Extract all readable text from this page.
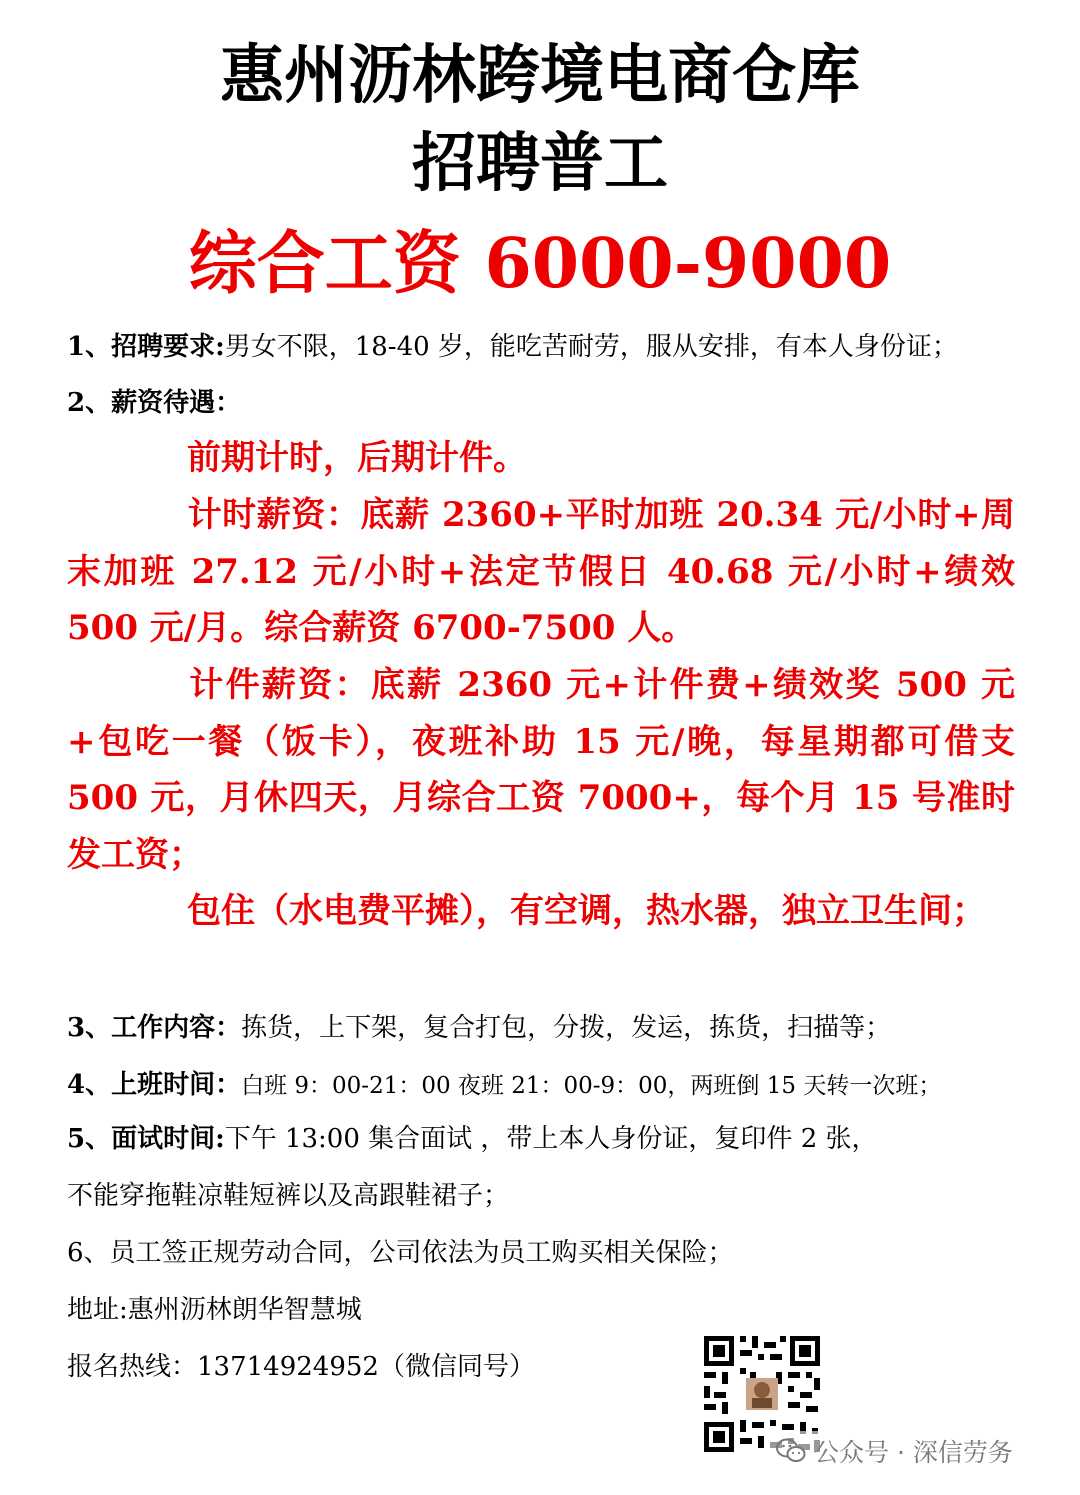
惠州沥林跨境电商仓库
招聘普工
综合工资 6000-9000

1、招聘要求:男女不限，18-40 岁，能吃苦耐劳，服从安排，有本人身份证；

2、薪资待遇：

前期计时，后期计件。

计时薪资：底薪 2360+平时加班 20.34 元/小时+周末加班 27.12 元/小时+法定节假日 40.68 元/小时+绩效 500 元/月。综合薪资 6700-7500 人。

计件薪资：底薪 2360 元+计件费+绩效奖 500 元+包吃一餐（饭卡），夜班补助 15 元/晚，每星期都可借支 500 元，月休四天，月综合工资 7000+，每个月 15 号准时发工资；

包住（水电费平摊），有空调，热水器，独立卫生间；

3、工作内容：拣货，上下架，复合打包，分拨，发运，拣货，扫描等；

4、上班时间：白班 9：00-21：00 夜班 21：00-9：00，两班倒 15 天转一次班；

5、面试时间:下午 13:00 集合面试 ，带上本人身份证，复印件 2 张，

不能穿拖鞋凉鞋短裤以及高跟鞋裙子；

6、员工签正规劳动合同，公司依法为员工购买相关保险；

地址:惠州沥林朗华智慧城

报名热线：13714924952（微信同号）

公众号 · 深信劳务
